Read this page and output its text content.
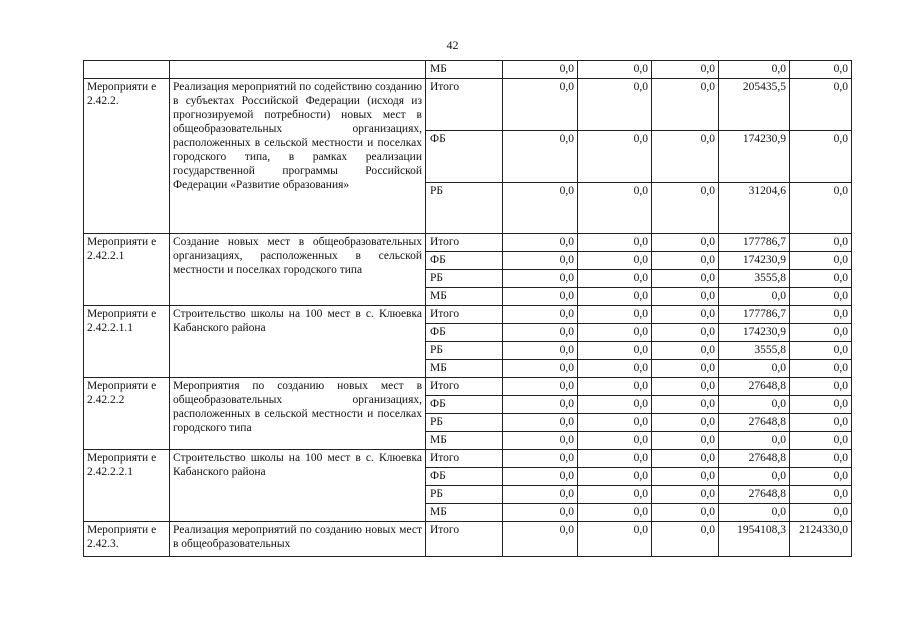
42
		МБ	0,0	0,0	0,0	0,0	0,0
Мероприяти е 2.42.2.	Реализация мероприятий по содействию созданию в субъектах Российской Федерации (исходя из прогнозируемой потребности) новых мест в общеобразовательных организациях, расположенных в сельской местности и поселках городского типа, в рамках реализации государственной программы Российской Федерации «Развитие образования»	Итого	0,0	0,0	0,0	205435,5	0,0
		ФБ	0,0	0,0	0,0	174230,9	0,0
		РБ	0,0	0,0	0,0	31204,6	0,0
Мероприяти е 2.42.2.1	Создание новых мест в общеобразовательных организациях, расположенных в сельской местности и поселках городского типа	Итого	0,0	0,0	0,0	177786,7	0,0
		ФБ	0,0	0,0	0,0	174230,9	0,0
		РБ	0,0	0,0	0,0	3555,8	0,0
		МБ	0,0	0,0	0,0	0,0	0,0
Мероприяти е 2.42.2.1.1	Строительство школы на 100 мест в с. Клюевка Кабанского района	Итого	0,0	0,0	0,0	177786,7	0,0
		ФБ	0,0	0,0	0,0	174230,9	0,0
		РБ	0,0	0,0	0,0	3555,8	0,0
		МБ	0,0	0,0	0,0	0,0	0,0
Мероприяти е 2.42.2.2	Мероприятия по созданию новых мест в общеобразовательных организациях, расположенных в сельской местности и поселках городского типа	Итого	0,0	0,0	0,0	27648,8	0,0
		ФБ	0,0	0,0	0,0	0,0	0,0
		РБ	0,0	0,0	0,0	27648,8	0,0
		МБ	0,0	0,0	0,0	0,0	0,0
Мероприяти е 2.42.2.2.1	Строительство школы на 100 мест в с. Клюевка Кабанского района	Итого	0,0	0,0	0,0	27648,8	0,0
		ФБ	0,0	0,0	0,0	0,0	0,0
		РБ	0,0	0,0	0,0	27648,8	0,0
		МБ	0,0	0,0	0,0	0,0	0,0
Мероприяти е 2.42.3.	Реализация мероприятий по созданию новых мест в общеобразовательных	Итого	0,0	0,0	0,0	1954108,3	2124330,0
